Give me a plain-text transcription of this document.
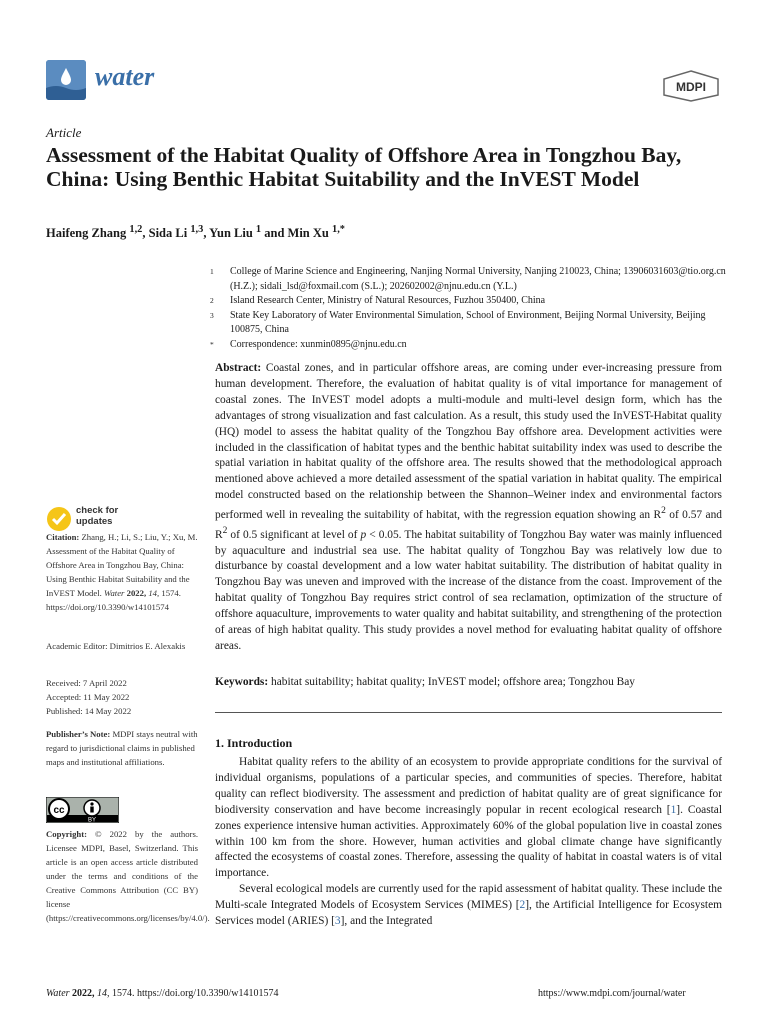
water	MDPI
Article
Assessment of the Habitat Quality of Offshore Area in Tongzhou Bay, China: Using Benthic Habitat Suitability and the InVEST Model
Haifeng Zhang $^{1,2}$, Sida Li $^{1,3}$, Yun Liu $^1$ and Min Xu $^{1,*}$
1	College of Marine Science and Engineering, Nanjing Normal University, Nanjing 210023, China; 13906031603@tio.org.cn (H.Z.); sidali_lsd@foxmail.com (S.L.); 202602002@njnu.edu.cn (Y.L.)
2	Island Research Center, Ministry of Natural Resources, Fuzhou 350400, China
3	State Key Laboratory of Water Environmental Simulation, School of Environment, Beijing Normal University, Beijing 100875, China
*	Correspondence: xunmin0895@njnu.edu.cn
Abstract: Coastal zones, and in particular offshore areas, are coming under ever-increasing pressure from human development. Therefore, the evaluation of habitat quality is of vital importance for management of coastal zones. The InVEST model adopts a multi-module and multi-level design form, which has the advantages of strong visualization and fast calculation. As a result, this study used the InVEST-Habitat quality (HQ) model to assess the habitat quality of the Tongzhou Bay offshore area. Development activities were included in the classification of habitat types and the benthic habitat suitability index was used to describe the spatial variation in habitat quality of the offshore area. The results showed that the methodological approach mentioned above achieved a more detailed assessment of the spatial variation in habitat quality. The empirical model constructed based on the relationship between the Shannon–Weiner index and environmental factors performed well in revealing the suitability of habitat, with the regression equation showing an $R^2$ of 0.57 and $R^2$ of 0.5 significant at level of p < 0.05. The habitat suitability of Tongzhou Bay water was mainly influenced by aquaculture and industrial sea use. The habitat quality of Tongzhou Bay was relatively low due to disturbance by coastal development and a low water habitat suitability. The distribution of habitat quality in Tongzhou Bay was uneven and improved with the increase of the distance from the coast. Improvement of the habitat quality of Tongzhou Bay requires strict control of sea reclamation, optimization of the structure of offshore aquaculture, improvements to water quality and habitat suitability, and strengthening of the protection of areas of high habitat quality. This study provides a novel method for evaluating habitat quality of offshore areas.
Keywords: habitat suitability; habitat quality; InVEST model; offshore area; Tongzhou Bay
1. Introduction

Habitat quality refers to the ability of an ecosystem to provide appropriate conditions for the survival of individual organisms, populations of a particular species, and communities of species. Therefore, habitat quality can reflect biodiversity. The assessment and prediction of habitat quality are of great significance for biodiversity conservation and have become increasingly popular in recent ecological research [1]. Coastal zones experience intensive human activities. Approximately 60% of the global population live in coastal zones within 100 km from the shore. However, human activities and global climate change have significantly affected the ecosystems of coastal zones. Therefore, assessing the quality of habitat in coastal waters is of vital importance.

Several ecological models are currently used for the rapid assessment of habitat quality. These include the Multi-scale Integrated Models of Ecosystem Services (MIMES) [2], the Artificial Intelligence for Ecosystem Services model (ARIES) [3], and the Integrated

check for
updates
Citation: Zhang, H.; Li, S.; Liu, Y.; Xu, M. Assessment of the Habitat Quality of Offshore Area in Tongzhou Bay, China: Using Benthic Habitat Suitability and the InVEST Model. Water 2022, 14, 1574. https://doi.org/10.3390/w14101574
Academic Editor: Dimitrios E. Alexakis
Received: 7 April 2022
Accepted: 11 May 2022
Published: 14 May 2022
Publisher’s Note: MDPI stays neutral with regard to jurisdictional claims in published maps and institutional affiliations.
cc
BY
Copyright: © 2022 by the authors. Licensee MDPI, Basel, Switzerland. This article is an open access article distributed under the terms and conditions of the Creative Commons Attribution (CC BY) license (https://creativecommons.org/licenses/by/4.0/).
Water 2022, 14, 1574. https://doi.org/10.3390/w14101574	https://www.mdpi.com/journal/water
